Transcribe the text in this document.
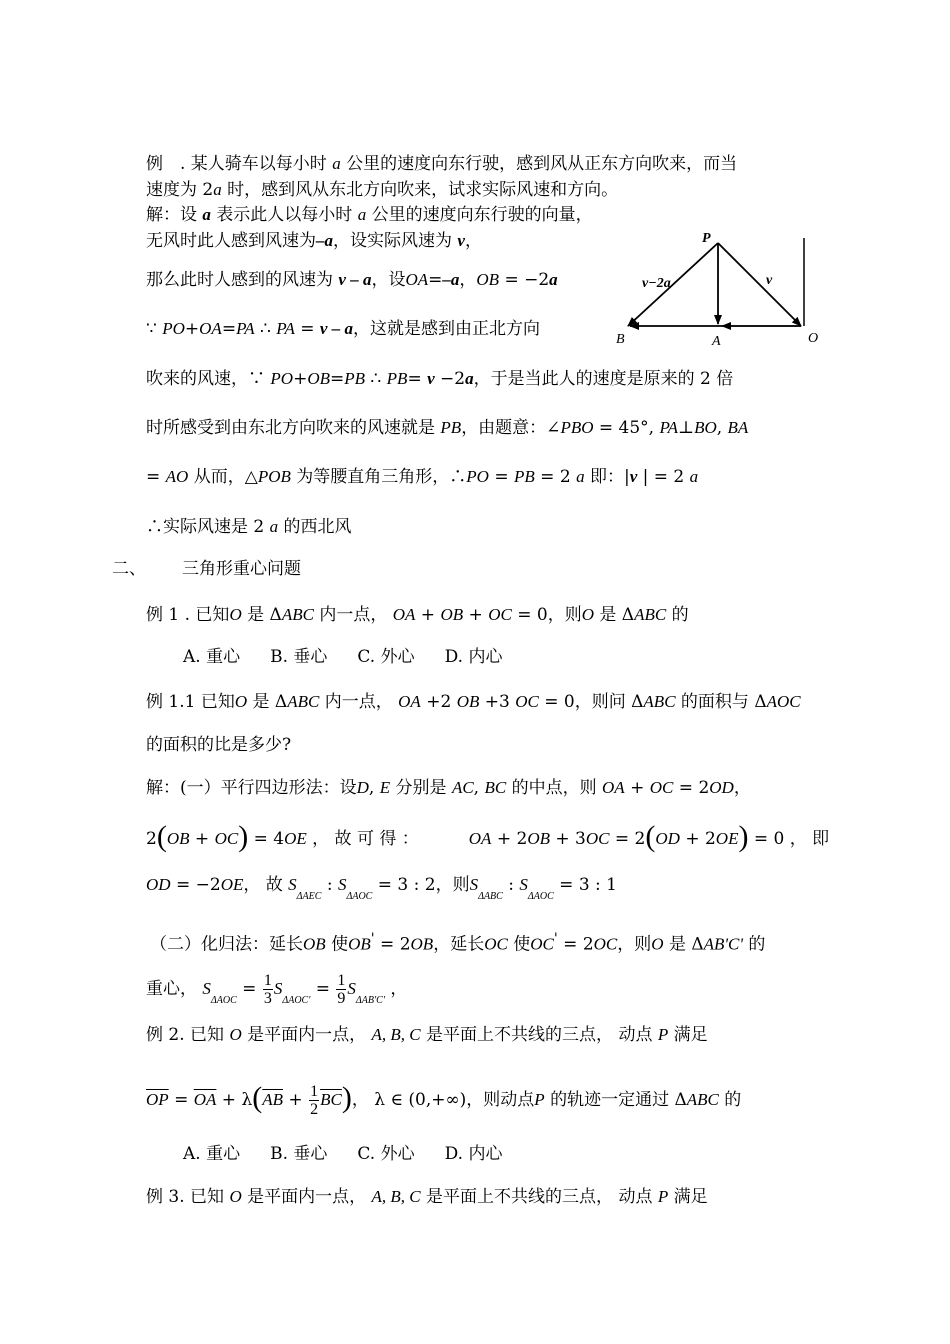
例　. 某人骑车以每小时 a 公里的速度向东行驶，感到风从正东方向吹来，而当
速度为 2a 时，感到风从东北方向吹来，试求实际风速和方向。
解：设 a 表示此人以每小时 a 公里的速度向东行驶的向量，
无风时此人感到风速为–a，设实际风速为 v，
那么此时人感到的风速为 v – a，设OA=–a，OB = −2a
∵ PO+OA=PA ∴ PA = v – a，这就是感到由正北方向
吹来的风速，∵ PO+OB=PB ∴ PB= v −2a，于是当此人的速度是原来的 2 倍
时所感受到由东北方向吹来的风速就是 PB，由题意：∠PBO = 45°, PA⊥BO, BA
= AO 从而，△POB 为等腰直角三角形，∴PO = PB = 2 a 即：|v | = 2 a
∴实际风速是 2 a 的西北风
P
B	A	O
v−2a	v
二、 三角形重心问题
例 1 . 已知O 是 ΔABC 内一点， OA + OB + OC = 0，则O 是 ΔABC 的
A. 重心 B. 垂心 C. 外心 D. 内心
例 1.1 已知O 是 ΔABC 内一点， OA +2 OB +3 OC = 0，则问 ΔABC 的面积与 ΔAOC
的面积的比是多少?
解：(一）平行四边形法：设D, E 分别是 AC, BC 的中点，则 OA + OC = 2OD，
2(OB + OC) = 4OE ， 故 可 得 ：	OA + 2OB + 3OC = 2(OD + 2OE) = 0 ， 即
OD = −2OE， 故 $S_{\Delta AEC}$ : $S_{\Delta AOC} = 3$ : 2，则$S_{\Delta ABC}$ : $S_{\Delta AOC} = 3$ : 1
（二）化归法：延长OB 使OB' = 2OB，延长OC 使OC' = 2OC，则O 是 ΔAB'C' 的
重心， $S_{\Delta AOC} = \frac{1}{3} S_{\Delta AOC'} = \frac{1}{9} S_{\Delta AB'C'}$ ，
例 2. 已知 O 是平面内一点， A, B, C 是平面上不共线的三点， 动点 P 满足
$\overline{OP} = \overline{OA} + \lambda(\overline{AB} + \frac{1}{2} \overline{BC})$， λ ∈ (0,+∞)，则动点P 的轨迹一定通过 ΔABC 的
A. 重心 B. 垂心 C. 外心 D. 内心
例 3. 已知 O 是平面内一点， A, B, C 是平面上不共线的三点， 动点 P 满足
